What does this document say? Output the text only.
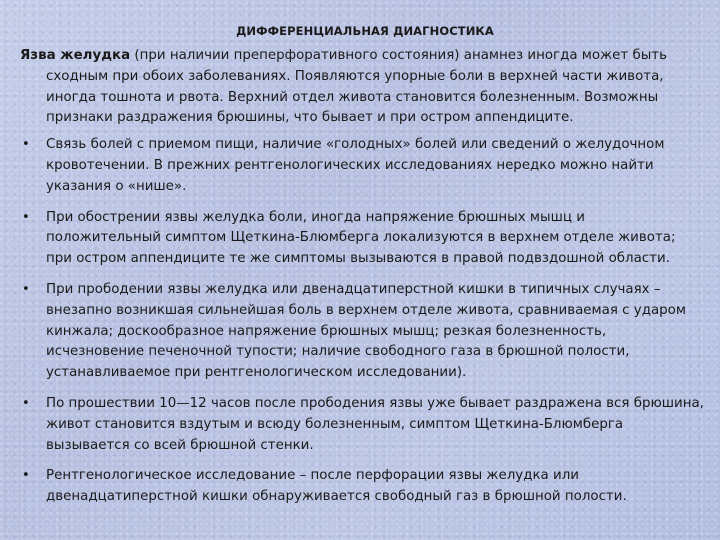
ДИФФЕРЕНЦИАЛЬНАЯ ДИАГНОСТИКА
Язва желудка (при наличии преперфоративного состояния) анамнез иногда может быть
сходным при обоих заболеваниях. Появляются упорные боли в верхней части живота, иногда тошнота и рвота. Верхний отдел живота становится болезненным. Возможны признаки раздражения брюшины, что бывает и при остром аппендиците.
• Связь болей с приемом пищи, наличие «голодных» болей или сведений о желудочном кровотечении. В прежних рентгенологических исследованиях нередко можно найти указания о «нише».
• При обострении язвы желудка боли, иногда напряжение брюшных мышц и положительный симптом Щеткина-Блюмберга локализуются в верхнем отделе живота; при остром аппендиците те же симптомы вызываются в правой подвздошной области.
• При прободении язвы желудка или двенадцатиперстной кишки в типичных случаях –внезапно возникшая сильнейшая боль в верхнем отделе живота, сравниваемая с ударом кинжала; доскообразное напряжение брюшных мышц; резкая болезненность, исчезновение печеночной тупости; наличие свободного газа в брюшной полости, устанавливаемое при рентгенологическом исследовании).
• По прошествии 10—12 часов после прободения язвы уже бывает раздражена вся брюшина, живот становится вздутым и всюду болезненным, симптом Щеткина-Блюмберга вызывается со всей брюшной стенки.
• Рентгенологическое исследование – после перфорации язвы желудка или двенадцатиперстной кишки обнаруживается свободный газ в брюшной полости.
